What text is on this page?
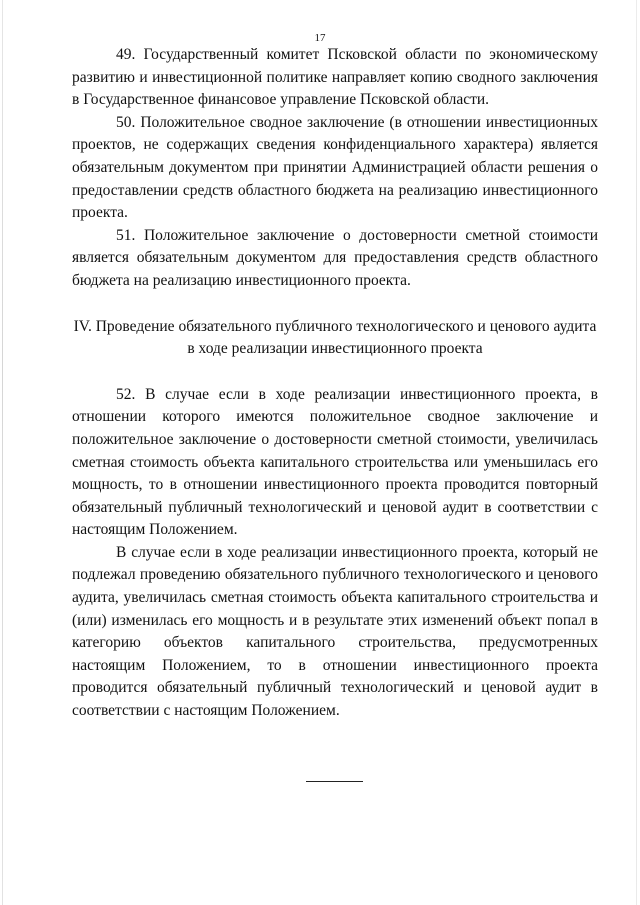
17

49. Государственный комитет Псковской области по экономическому развитию и инвестиционной политике направляет копию сводного заключения в Государственное финансовое управление Псковской области.

50. Положительное сводное заключение (в отношении инвестиционных проектов, не содержащих сведения конфиденциального характера) является обязательным документом при принятии Администрацией области решения о предоставлении средств областного бюджета на реализацию инвестиционного проекта.

51. Положительное заключение о достоверности сметной стоимости является обязательным документом для предоставления средств областного бюджета на реализацию инвестиционного проекта.

IV. Проведение обязательного публичного технологического и ценового аудита в ходе реализации инвестиционного проекта

52. В случае если в ходе реализации инвестиционного проекта, в отношении которого имеются положительное сводное заключение и положительное заключение о достоверности сметной стоимости, увеличилась сметная стоимость объекта капитального строительства или уменьшилась его мощность, то в отношении инвестиционного проекта проводится повторный обязательный публичный технологический и ценовой аудит в соответствии с настоящим Положением.

В случае если в ходе реализации инвестиционного проекта, который не подлежал проведению обязательного публичного технологического и ценового аудита, увеличилась сметная стоимость объекта капитального строительства и (или) изменилась его мощность и в результате этих изменений объект попал в категорию объектов капитального строительства, предусмотренных настоящим Положением, то в отношении инвестиционного проекта проводится обязательный публичный технологический и ценовой аудит в соответствии с настоящим Положением.
